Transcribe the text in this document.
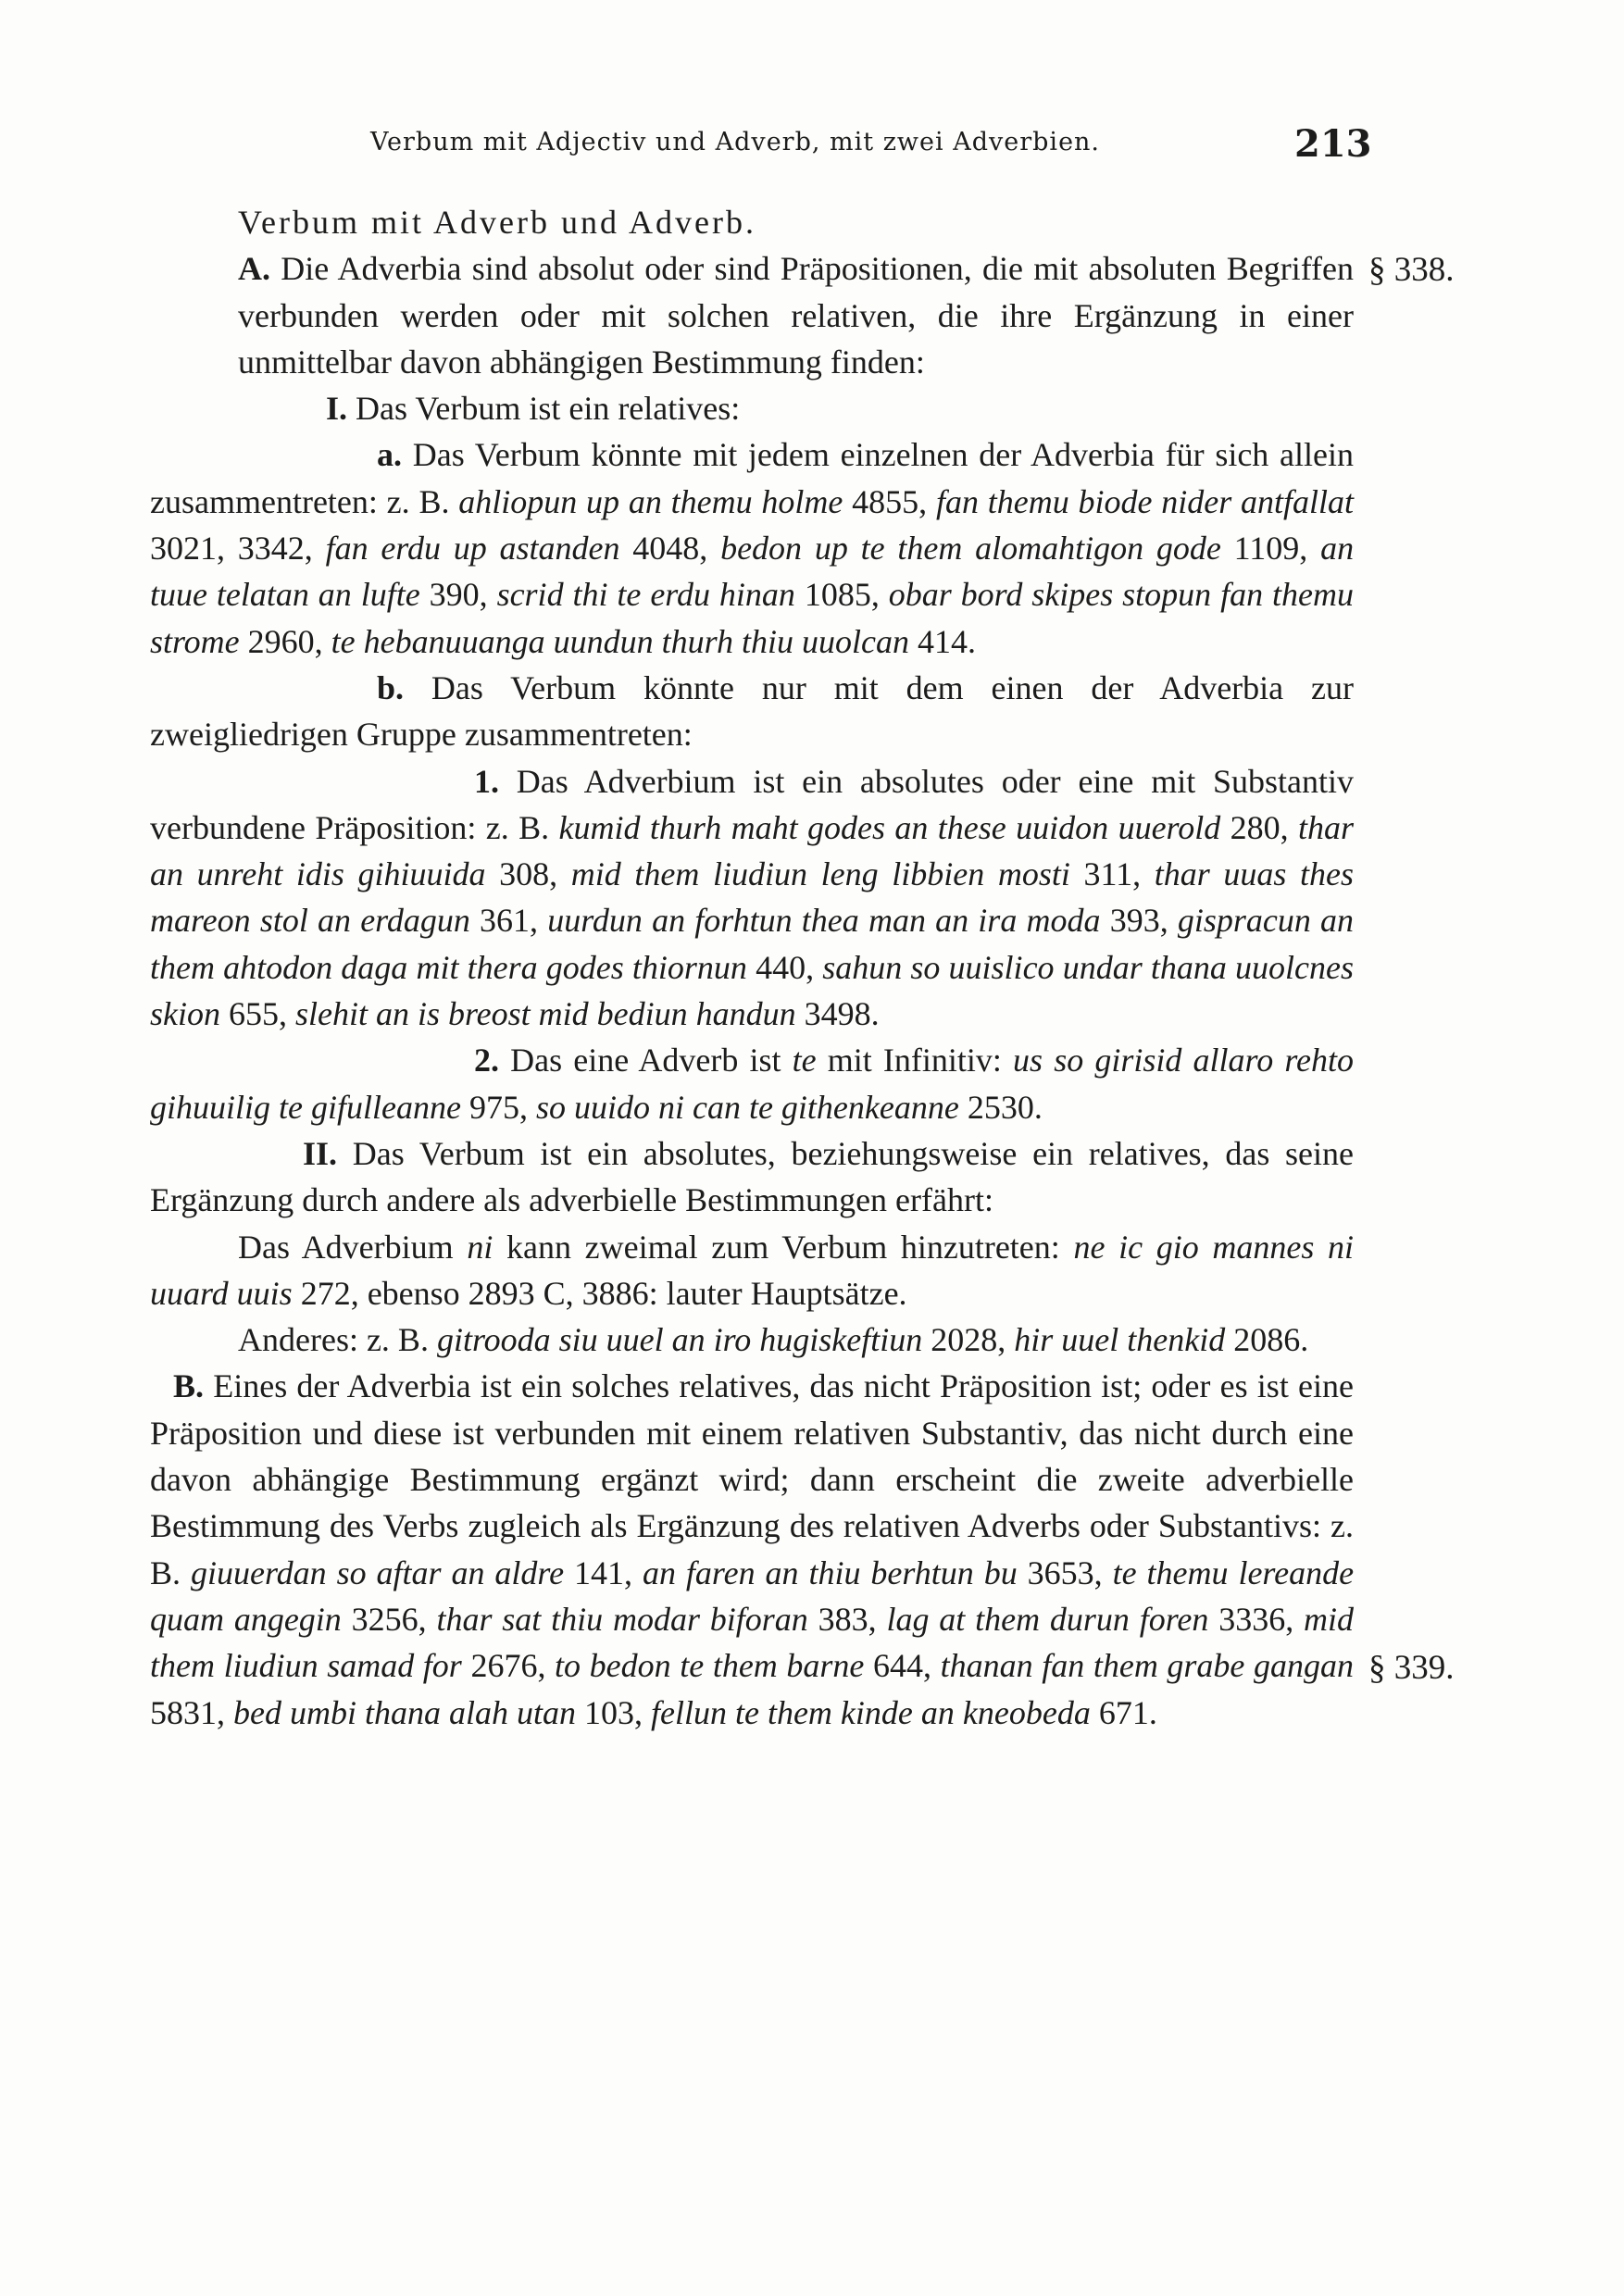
Verbum mit Adjectiv und Adverb, mit zwei Adverbien.	213
§ 338.
§ 339.
Verbum mit Adverb und Adverb.

A. Die Adverbia sind absolut oder sind Präpositionen, die mit absoluten Begriffen verbunden werden oder mit solchen relativen, die ihre Ergänzung in einer unmittelbar davon abhängigen Bestimmung finden:

I. Das Verbum ist ein relatives:

a. Das Verbum könnte mit jedem einzelnen der Adverbia für sich allein zusammentreten: z. B. ahliopun up an themu holme 4855, fan themu biode nider antfallat 3021, 3342, fan erdu up astanden 4048, bedon up te them alomahtigon gode 1109, an tuue telatan an lufte 390, scrid thi te erdu hinan 1085, obar bord skipes stopun fan themu strome 2960, te hebanuuanga uundun thurh thiu uuolcan 414.

b. Das Verbum könnte nur mit dem einen der Adverbia zur zweigliedrigen Gruppe zusammentreten:

1. Das Adverbium ist ein absolutes oder eine mit Substantiv verbundene Präposition: z. B. kumid thurh maht godes an these uuidon uuerold 280, thar an unreht idis gihiuuida 308, mid them liudiun leng libbien mosti 311, thar uuas thes mareon stol an erdagun 361, uurdun an forhtun thea man an ira moda 393, gispracun an them ahtodon daga mit thera godes thiornun 440, sahun so uuislico undar thana uuolcnes skion 655, slehit an is breost mid bediun handun 3498.

2. Das eine Adverb ist te mit Infinitiv: us so girisid allaro rehto gihuuilig te gifulleanne 975, so uuido ni can te githenkeanne 2530.

II. Das Verbum ist ein absolutes, beziehungsweise ein relatives, das seine Ergänzung durch andere als adverbielle Bestimmungen erfährt:

Das Adverbium ni kann zweimal zum Verbum hinzutreten: ne ic gio mannes ni uuard uuis 272, ebenso 2893 C, 3886: lauter Hauptsätze.

Anderes: z. B. gitrooda siu uuel an iro hugiskeftiun 2028, hir uuel thenkid 2086.

B. Eines der Adverbia ist ein solches relatives, das nicht Präposition ist; oder es ist eine Präposition und diese ist verbunden mit einem relativen Substantiv, das nicht durch eine davon abhängige Bestimmung ergänzt wird; dann erscheint die zweite adverbielle Bestimmung des Verbs zugleich als Ergänzung des relativen Adverbs oder Substantivs: z. B. giuuerdan so aftar an aldre 141, an faren an thiu berhtun bu 3653, te themu lereande quam angegin 3256, thar sat thiu modar biforan 383, lag at them durun foren 3336, mid them liudiun samad for 2676, to bedon te them barne 644, thanan fan them grabe gangan 5831, bed umbi thana alah utan 103, fellun te them kinde an kneobeda 671.
